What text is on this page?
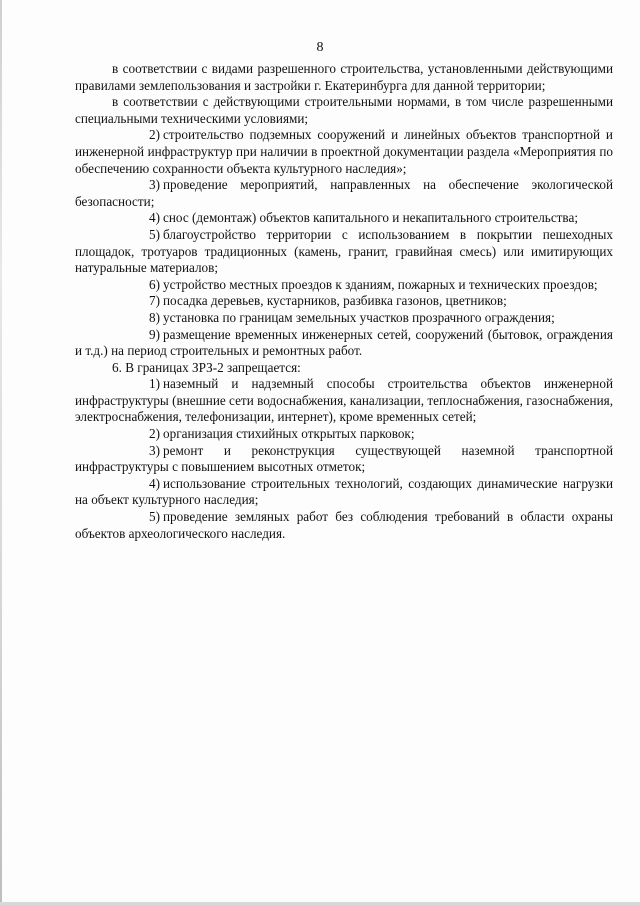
8

в соответствии с видами разрешенного строительства, установленными действующими правилами землепользования и застройки г. Екатеринбурга для данной территории;

в соответствии с действующими строительными нормами, в том числе разрешенными специальными техническими условиями;

2) строительство подземных сооружений и линейных объектов транспортной и инженерной инфраструктур при наличии в проектной документации раздела «Мероприятия по обеспечению сохранности объекта культурного наследия»;

3) проведение мероприятий, направленных на обеспечение экологической безопасности;

4) снос (демонтаж) объектов капитального и некапитального строительства;

5) благоустройство территории с использованием в покрытии пешеходных площадок, тротуаров традиционных (камень, гранит, гравийная смесь) или имитирующих натуральные материалов;

6) устройство местных проездов к зданиям, пожарных и технических проездов;

7) посадка деревьев, кустарников, разбивка газонов, цветников;

8) установка по границам земельных участков прозрачного ограждения;

9) размещение временных инженерных сетей, сооружений (бытовок, ограждения и т.д.) на период строительных и ремонтных работ.

6. В границах ЗРЗ-2 запрещается:

1) наземный и надземный способы строительства объектов инженерной инфраструктуры (внешние сети водоснабжения, канализации, теплоснабжения, газоснабжения, электроснабжения, телефонизации, интернет), кроме временных сетей;

2) организация стихийных открытых парковок;

3) ремонт и реконструкция существующей наземной транспортной инфраструктуры с повышением высотных отметок;

4) использование строительных технологий, создающих динамические нагрузки на объект культурного наследия;

5) проведение земляных работ без соблюдения требований в области охраны объектов археологического наследия.
